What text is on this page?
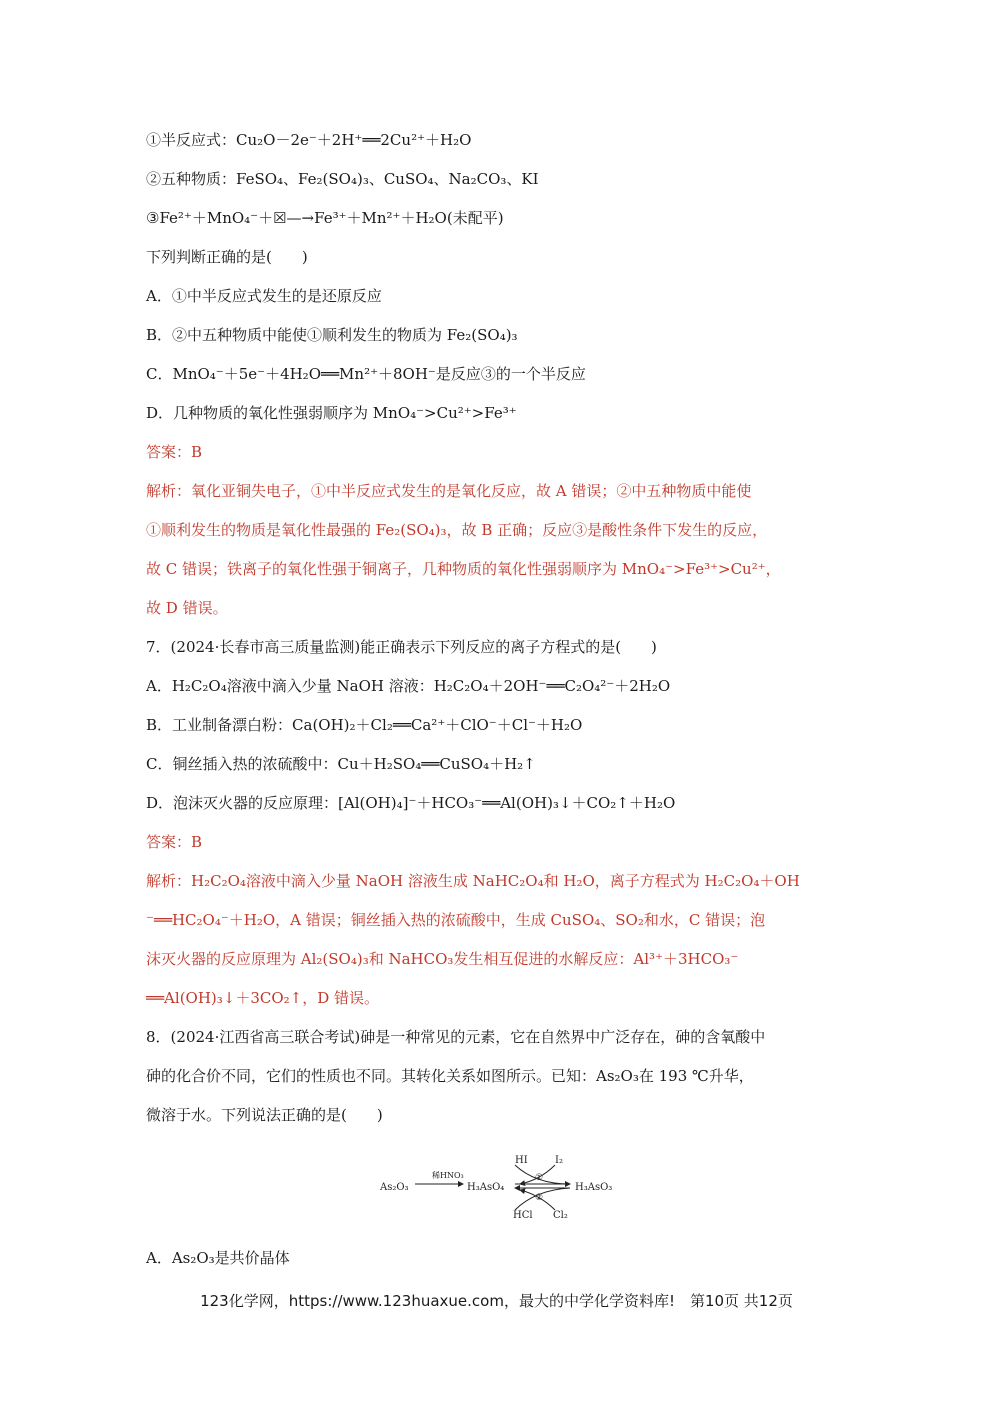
①半反应式：Cu₂O－2e⁻＋2H⁺══2Cu²⁺＋H₂O
②五种物质：FeSO₄、Fe₂(SO₄)₃、CuSO₄、Na₂CO₃、KI
③Fe²⁺＋MnO₄⁻＋☒—→Fe³⁺＋Mn²⁺＋H₂O(未配平)
下列判断正确的是(　　)
A．①中半反应式发生的是还原反应
B．②中五种物质中能使①顺利发生的物质为 Fe₂(SO₄)₃
C．MnO₄⁻＋5e⁻＋4H₂O══Mn²⁺＋8OH⁻是反应③的一个半反应
D．几种物质的氧化性强弱顺序为 MnO₄⁻>Cu²⁺>Fe³⁺
答案：B
解析：氧化亚铜失电子，①中半反应式发生的是氧化反应，故 A 错误；②中五种物质中能使
①顺利发生的物质是氧化性最强的 Fe₂(SO₄)₃，故 B 正确；反应③是酸性条件下发生的反应，
故 C 错误；铁离子的氧化性强于铜离子，几种物质的氧化性强弱顺序为 MnO₄⁻>Fe³⁺>Cu²⁺，
故 D 错误。
7．(2024·长春市高三质量监测)能正确表示下列反应的离子方程式的是(　　)
A．H₂C₂O₄溶液中滴入少量 NaOH 溶液：H₂C₂O₄＋2OH⁻══C₂O₄²⁻＋2H₂O
B．工业制备漂白粉：Ca(OH)₂＋Cl₂══Ca²⁺＋ClO⁻＋Cl⁻＋H₂O
C．铜丝插入热的浓硫酸中：Cu＋H₂SO₄══CuSO₄＋H₂↑
D．泡沫灭火器的反应原理：[Al(OH)₄]⁻＋HCO₃⁻══Al(OH)₃↓＋CO₂↑＋H₂O
答案：B
解析：H₂C₂O₄溶液中滴入少量 NaOH 溶液生成 NaHC₂O₄和 H₂O，离子方程式为 H₂C₂O₄＋OH
⁻══HC₂O₄⁻＋H₂O，A 错误；铜丝插入热的浓硫酸中，生成 CuSO₄、SO₂和水，C 错误；泡
沫灭火器的反应原理为 Al₂(SO₄)₃和 NaHCO₃发生相互促进的水解反应：Al³⁺＋3HCO₃⁻
══Al(OH)₃↓＋3CO₂↑，D 错误。
8．(2024·江西省高三联合考试)砷是一种常见的元素，它在自然界中广泛存在，砷的含氧酸中
砷的化合价不同，它们的性质也不同。其转化关系如图所示。已知：As₂O₃在 193 ℃升华，
微溶于水。下列说法正确的是(　　)
As₂O₃
稀HNO₃
H₃AsO₄	H₃AsO₃
HI	I₂
①
②
HCl Cl₂
A．As₂O₃是共价晶体
123化学网，https://www.123huaxue.com，最大的中学化学资料库!　第10页 共12页
